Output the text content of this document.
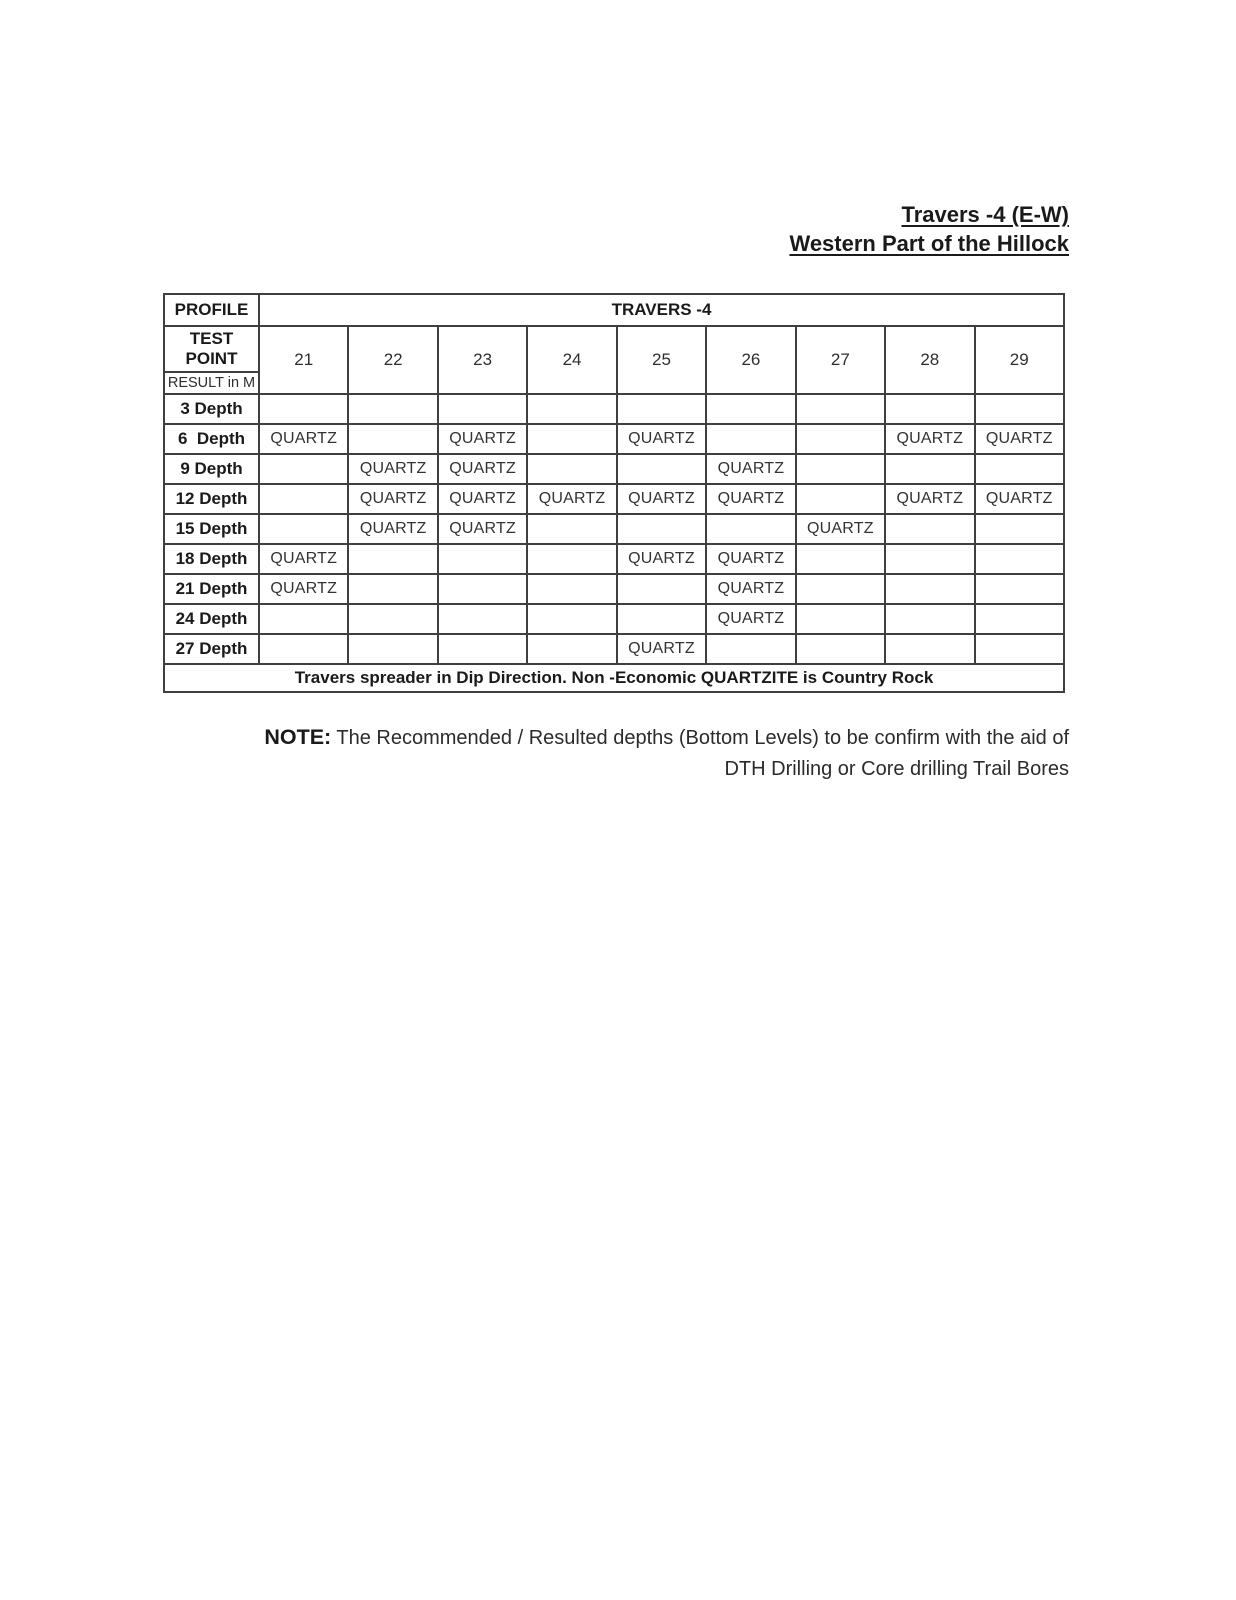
Travers -4 (E-W)
Western Part of the Hillock
PROFILE	TRAVERS -4								
TEST POINT	21	22	23	24	25	26	27	28	29
RESULT in M									
3 Depth									
6  Depth	QUARTZ		QUARTZ		QUARTZ			QUARTZ	QUARTZ
9 Depth		QUARTZ	QUARTZ			QUARTZ			
12 Depth		QUARTZ	QUARTZ	QUARTZ	QUARTZ	QUARTZ		QUARTZ	QUARTZ
15 Depth		QUARTZ	QUARTZ				QUARTZ		
18 Depth	QUARTZ				QUARTZ	QUARTZ			
21 Depth	QUARTZ					QUARTZ			
24 Depth						QUARTZ			
27 Depth					QUARTZ				
Travers spreader in Dip Direction. Non -Economic QUARTZITE is Country Rock									
NOTE: The Recommended / Resulted depths (Bottom Levels) to be confirm with the aid of
DTH Drilling or Core drilling Trail Bores
